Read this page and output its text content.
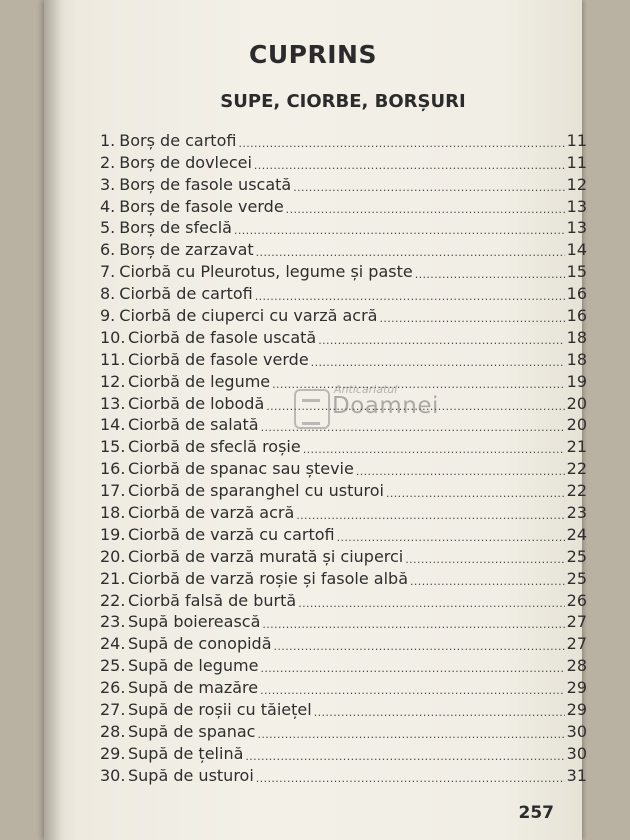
CUPRINS
SUPE, CIORBE, BORȘURI
1. Borș de cartofi .....	11
2. Borș de dovlecei .....	11
3. Borș de fasole uscată .....	12
4. Borș de fasole verde .....	13
5. Borș de sfeclă .....	13
6. Borș de zarzavat .....	14
7. Ciorbă cu Pleurotus, legume și paste .....	15
8. Ciorbă de cartofi .....	16
9. Ciorbă de ciuperci cu varză acră .....	16
10. Ciorbă de fasole uscată .....	18
11. Ciorbă de fasole verde .....	18
12. Ciorbă de legume .....	19
13. Ciorbă de lobodă .....	20
14. Ciorbă de salată .....	20
15. Ciorbă de sfeclă roșie .....	21
16. Ciorbă de spanac sau ștevie .....	22
17. Ciorbă de sparanghel cu usturoi .....	22
18. Ciorbă de varză acră .....	23
19. Ciorbă de varză cu cartofi .....	24
20. Ciorbă de varză murată și ciuperci .....	25
21. Ciorbă de varză roșie și fasole albă .....	25
22. Ciorbă falsă de burtă .....	26
23. Supă boierească .....	27
24. Supă de conopidă .....	27
25. Supă de legume .....	28
26. Supă de mazăre .....	29
27. Supă de roșii cu tăiețel .....	29
28. Supă de spanac .....	30
29. Supă de țelină .....	30
30. Supă de usturoi .....	31
Anticariatul
Doamnei
257
